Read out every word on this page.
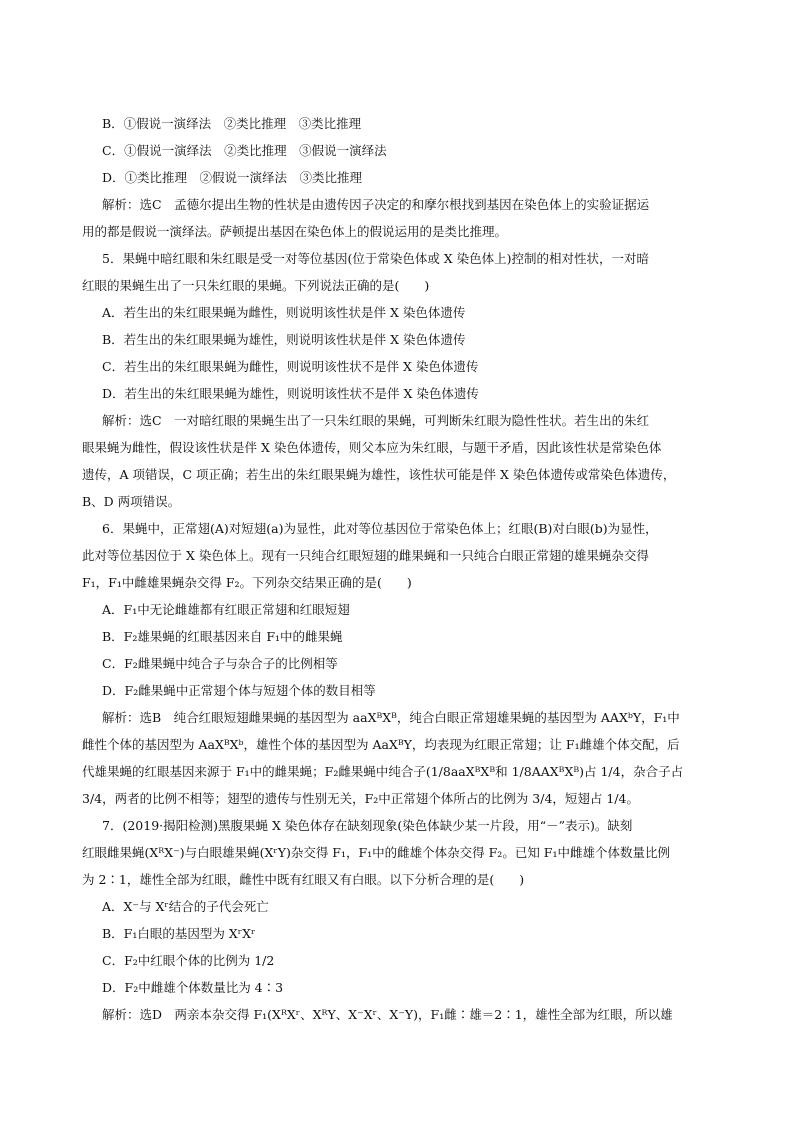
B．①假说一演绎法　②类比推理　③类比推理
C．①假说一演绎法　②类比推理　③假说一演绎法
D．①类比推理　②假说一演绎法　③类比推理
解析：选C　孟德尔提出生物的性状是由遗传因子决定的和摩尔根找到基因在染色体上的实验证据运
用的都是假说一演绎法。萨顿提出基因在染色体上的假说运用的是类比推理。
5．果蝇中暗红眼和朱红眼是受一对等位基因(位于常染色体或 X 染色体上)控制的相对性状，一对暗
红眼的果蝇生出了一只朱红眼的果蝇。下列说法正确的是(　　)
A．若生出的朱红眼果蝇为雌性，则说明该性状是伴 X 染色体遗传
B．若生出的朱红眼果蝇为雄性，则说明该性状是伴 X 染色体遗传
C．若生出的朱红眼果蝇为雌性，则说明该性状不是伴 X 染色体遗传
D．若生出的朱红眼果蝇为雄性，则说明该性状不是伴 X 染色体遗传
解析：选C　一对暗红眼的果蝇生出了一只朱红眼的果蝇，可判断朱红眼为隐性性状。若生出的朱红
眼果蝇为雌性，假设该性状是伴 X 染色体遗传，则父本应为朱红眼，与题干矛盾，因此该性状是常染色体
遗传，A 项错误，C 项正确；若生出的朱红眼果蝇为雄性，该性状可能是伴 X 染色体遗传或常染色体遗传，
B、D 两项错误。
6．果蝇中，正常翅(A)对短翅(a)为显性，此对等位基因位于常染色体上；红眼(B)对白眼(b)为显性，
此对等位基因位于 X 染色体上。现有一只纯合红眼短翅的雌果蝇和一只纯合白眼正常翅的雄果蝇杂交得
F₁，F₁中雌雄果蝇杂交得 F₂。下列杂交结果正确的是(　　)
A．F₁中无论雌雄都有红眼正常翅和红眼短翅
B．F₂雄果蝇的红眼基因来自 F₁中的雌果蝇
C．F₂雌果蝇中纯合子与杂合子的比例相等
D．F₂雌果蝇中正常翅个体与短翅个体的数目相等
解析：选B　纯合红眼短翅雌果蝇的基因型为 aaXᴮXᴮ，纯合白眼正常翅雄果蝇的基因型为 AAXᵇY，F₁中
雌性个体的基因型为 AaXᴮXᵇ，雄性个体的基因型为 AaXᴮY，均表现为红眼正常翅；让 F₁雌雄个体交配，后
代雄果蝇的红眼基因来源于 F₁中的雌果蝇；F₂雌果蝇中纯合子(1/8aaXᴮXᴮ和 1/8AAXᴮXᴮ)占 1/4，杂合子占
3/4，两者的比例不相等；翅型的遗传与性别无关，F₂中正常翅个体所占的比例为 3/4，短翅占 1/4。
7．(2019·揭阳检测)黑腹果蝇 X 染色体存在缺刻现象(染色体缺少某一片段，用“－”表示)。缺刻
红眼雌果蝇(XᴿX⁻)与白眼雄果蝇(XʳY)杂交得 F₁，F₁中的雌雄个体杂交得 F₂。已知 F₁中雌雄个体数量比例
为 2∶1，雄性全部为红眼，雌性中既有红眼又有白眼。以下分析合理的是(　　)
A．X⁻与 Xʳ结合的子代会死亡
B．F₁白眼的基因型为 XʳXʳ
C．F₂中红眼个体的比例为 1/2
D．F₂中雌雄个体数量比为 4∶3
解析：选D　两亲本杂交得 F₁(XᴿXʳ、XᴿY、X⁻Xʳ、X⁻Y)，F₁雌∶雄＝2∶1，雄性全部为红眼，所以雄
